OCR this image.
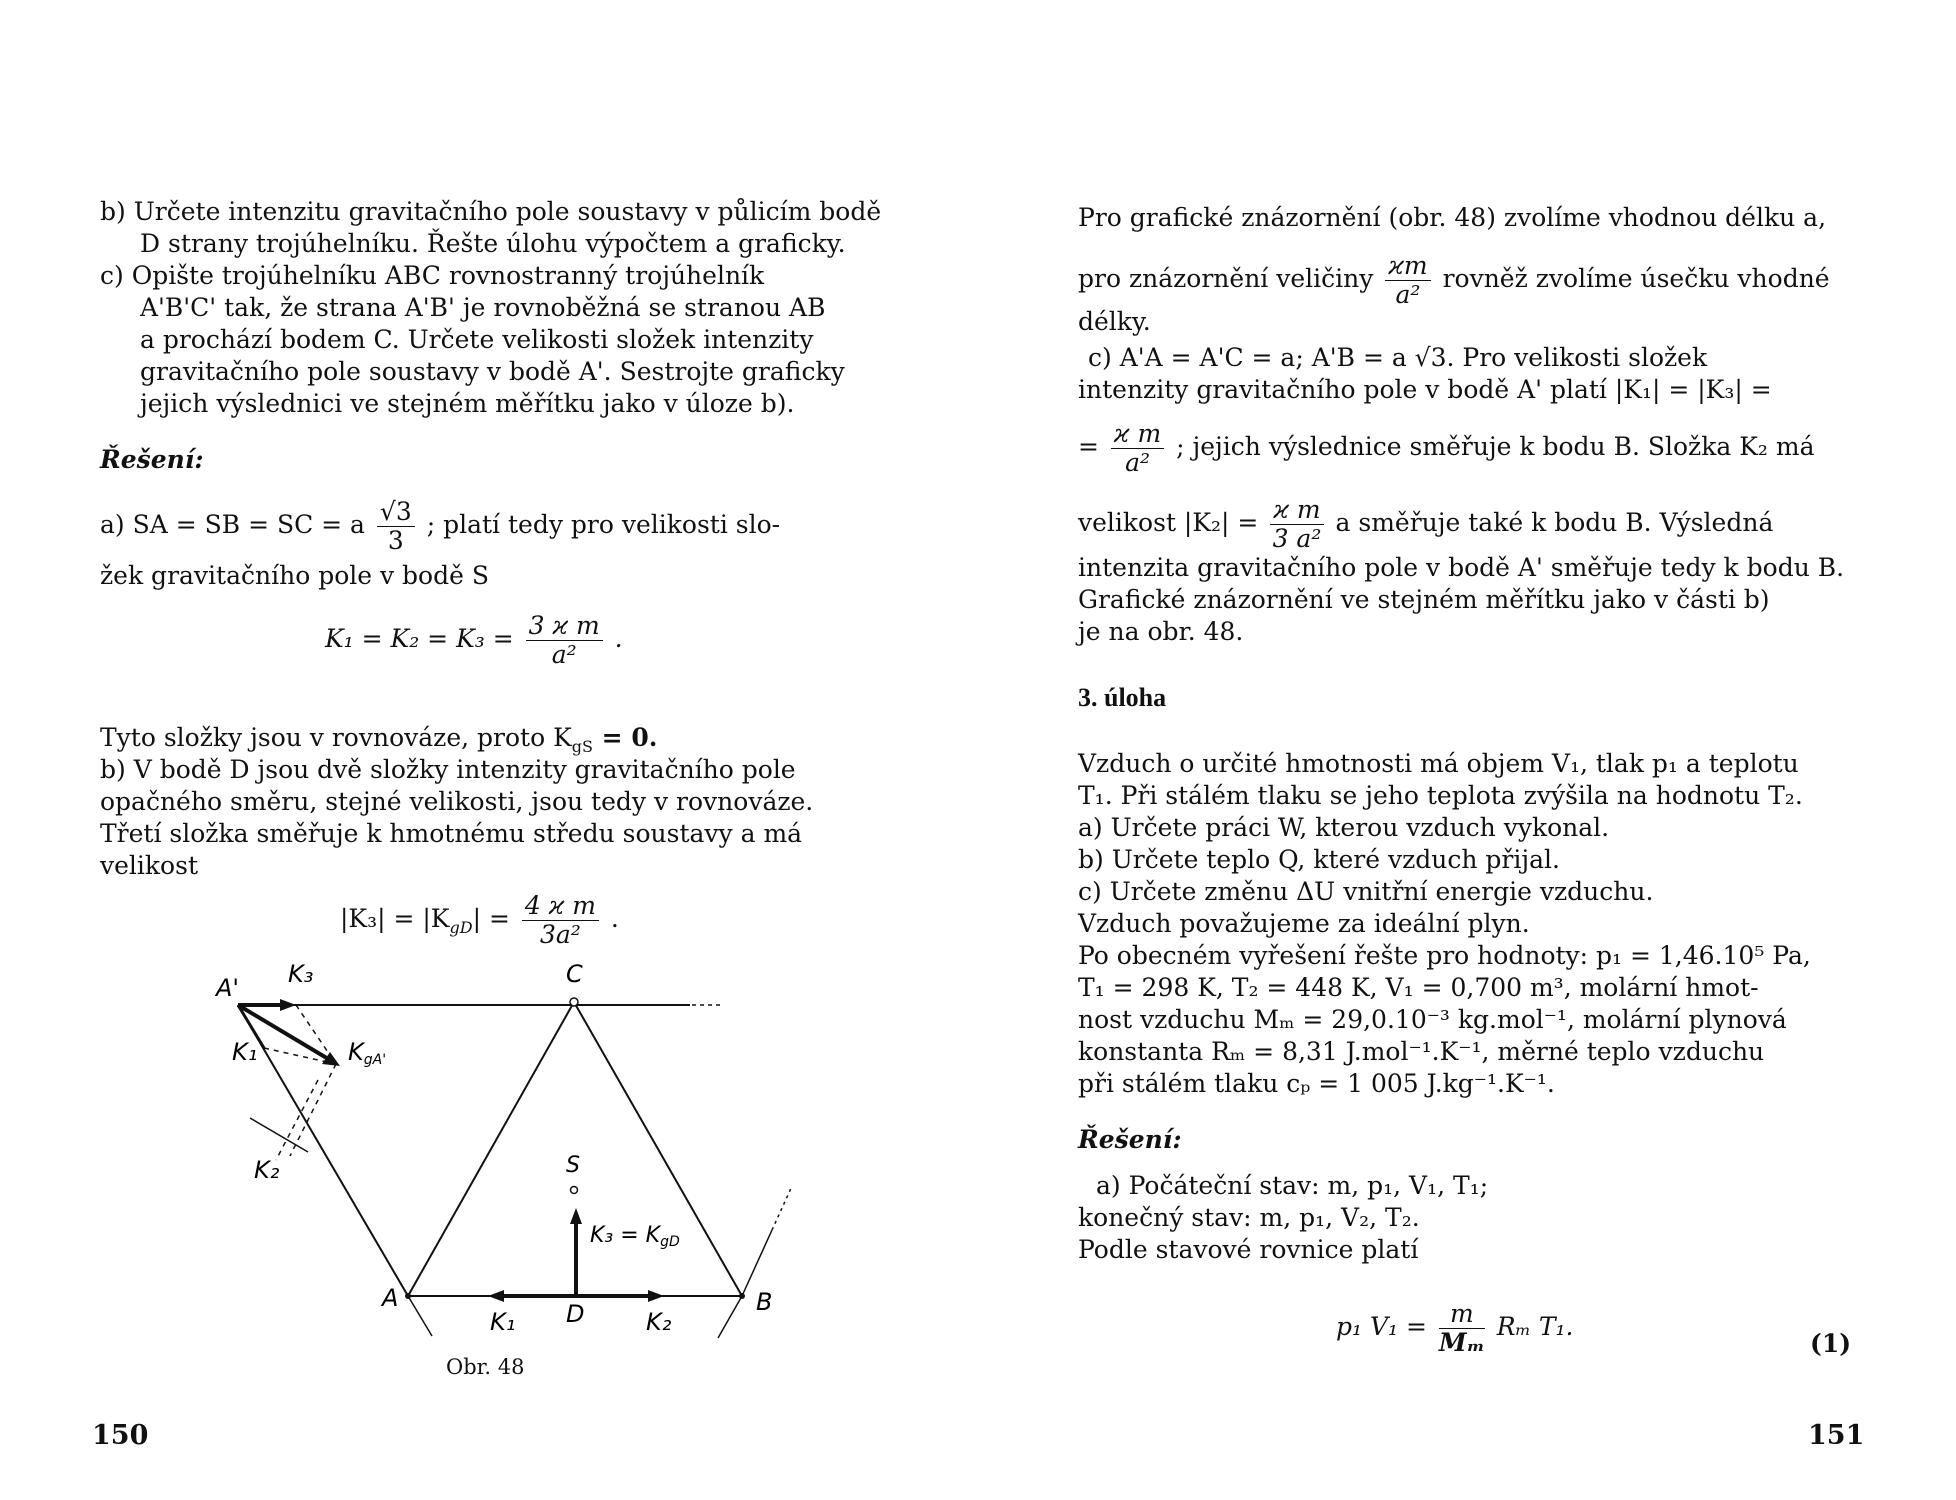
b) Určete intenzitu gravitačního pole soustavy v půlicím bodě
D strany trojúhelníku. Řešte úlohu výpočtem a graficky.
c) Opište trojúhelníku ABC rovnostranný trojúhelník
A'B'C' tak, že strana A'B' je rovnoběžná se stranou AB
a prochází bodem C. Určete velikosti složek intenzity
gravitačního pole soustavy v bodě A'. Sestrojte graficky
jejich výslednici ve stejném měřítku jako v úloze b).
Řešení:
a) SA = SB = SC = a $\frac{√3}{3}$ ; platí tedy pro velikosti slo-
žek gravitačního pole v bodě S
$K_1 = K_2 = K_3 = \frac{\text{3 ϰ m}}{\text{a²}}$ .
Tyto složky jsou v rovnováze, proto $K_{gS} = 0$.
b) V bodě D jsou dvě složky intenzity gravitačního pole
opačného směru, stejné velikosti, jsou tedy v rovnováze.
Třetí složka směřuje k hmotnému středu soustavy a má
velikost
$|K_3| = |K_{gD}| = \frac{\text{4 ϰ m}}{\text{3a²}}$ .
A' K₃	C
K₁	KgA'
K₂	S
K₃ = KgD
A
K₁ D	K₂
B
Obr. 48
150
Pro grafické znázornění (obr. 48) zvolíme vhodnou délku a,
pro znázornění veličiny $\frac{ϰm}{\text{a²}}$ rovněž zvolíme úsečku vhodné
délky.
c) A'A = A'C = a; A'B = a √3. Pro velikosti složek
intenzity gravitačního pole v bodě A' platí |K₁| = |K₃| =
= $\frac{\text{ϰ m}}{\text{a²}}$ ; jejich výslednice směřuje k bodu B. Složka K₂ má
velikost $|K_2| = \frac{\text{ϰ m}}{\text{3 a²}}$ a směřuje také k bodu B. Výsledná
intenzita gravitačního pole v bodě A' směřuje tedy k bodu B.
Grafické znázornění ve stejném měřítku jako v části b)
je na obr. 48.
3. úloha
Vzduch o určité hmotnosti má objem V₁, tlak p₁ a teplotu
T₁. Při stálém tlaku se jeho teplota zvýšila na hodnotu T₂.
a) Určete práci W, kterou vzduch vykonal.
b) Určete teplo Q, které vzduch přijal.
c) Určete změnu ΔU vnitřní energie vzduchu.
Vzduch považujeme za ideální plyn.
Po obecném vyřešení řešte pro hodnoty: p₁ = 1,46.10⁵ Pa,
T₁ = 298 K, T₂ = 448 K, V₁ = 0,700 m³, molární hmot-
nost vzduchu Mₘ = 29,0.10⁻³ kg.mol⁻¹, molární plynová
konstanta Rₘ = 8,31 J.mol⁻¹.K⁻¹, měrné teplo vzduchu
při stálém tlaku cₚ = 1 005 J.kg⁻¹.K⁻¹.
Řešení:
a) Počáteční stav: m, p₁, V₁, T₁;
konečný stav: m, p₁, V₂, T₂.
Podle stavové rovnice platí
p₁ $V_1 = \frac{m}{\text{Mₘ}}$ Rₘ T₁.
(1)
151
